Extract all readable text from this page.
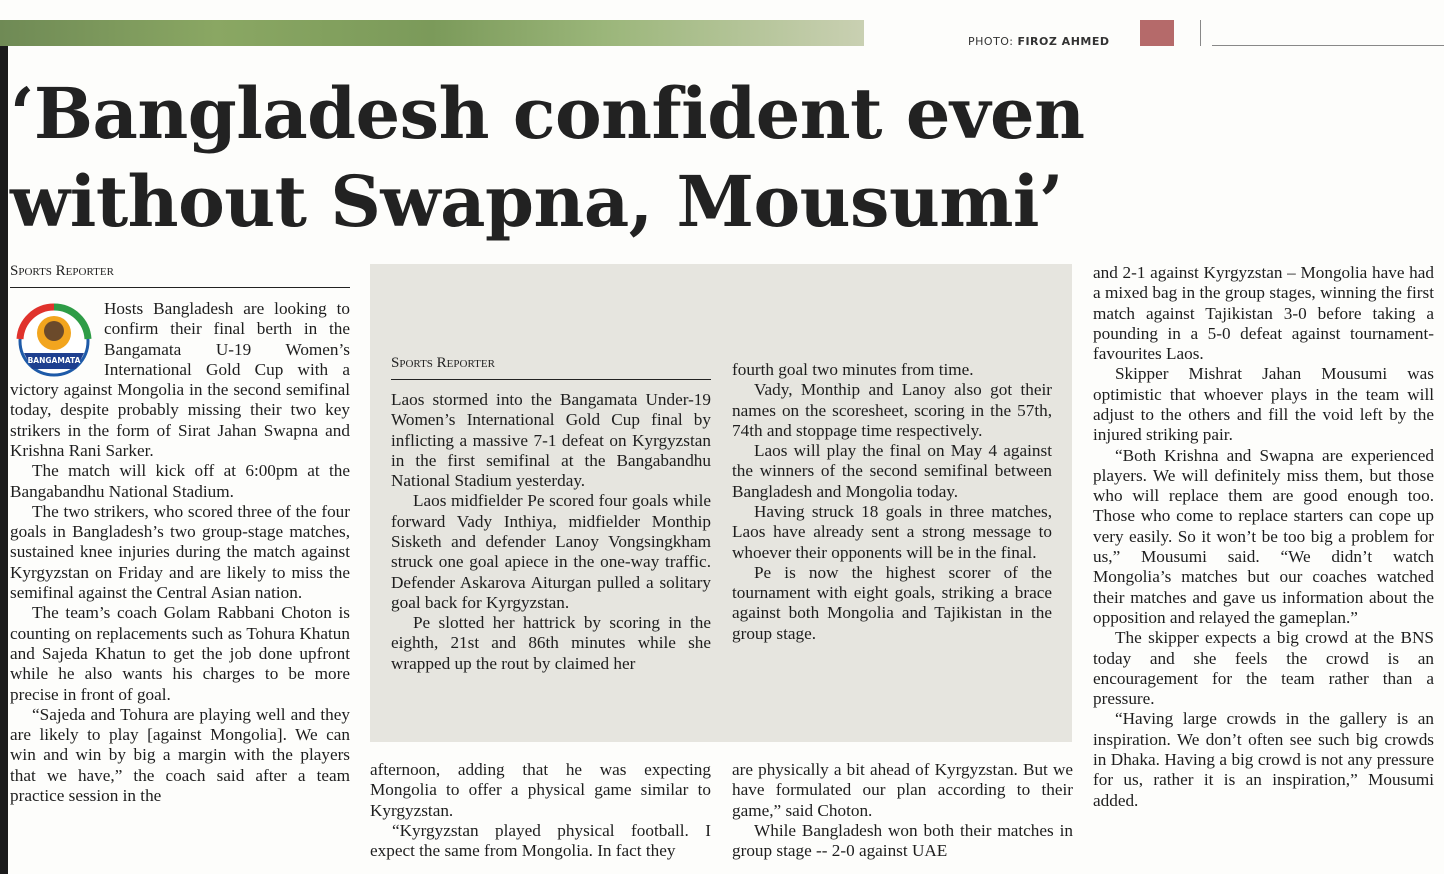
PHOTO: FIROZ AHMED
‘Bangladesh confident even
without Swapna, Mousumi’
Sports Reporter
BANGAMATA

Hosts Bangladesh are looking to confirm their final berth in the Bangamata U-19 Women’s International Gold Cup with a victory against Mongolia in the second semifinal today, despite probably missing their two key strikers in the form of Sirat Jahan Swapna and Krishna Rani Sarker.

The match will kick off at 6:00pm at the Bangabandhu National Stadium.

The two strikers, who scored three of the four goals in Bangladesh’s two group-stage matches, sustained knee injuries during the match against Kyrgyzstan on Friday and are likely to miss the semifinal against the Central Asian nation.

The team’s coach Golam Rabbani Choton is counting on replacements such as Tohura Khatun and Sajeda Khatun to get the job done upfront while he also wants his charges to be more precise in front of goal.

“Sajeda and Tohura are playing well and they are likely to play [against Mongolia]. We can win and win by big a margin with the players that we have,” the coach said after a team practice session in the

Sports Reporter

Laos stormed into the Bangamata Under-19 Women’s International Gold Cup final by inflicting a massive 7-1 defeat on Kyrgyzstan in the first semifinal at the Bangabandhu National Stadium yesterday.

Laos midfielder Pe scored four goals while forward Vady Inthiya, midfielder Monthip Sisketh and defender Lanoy Vongsingkham struck one goal apiece in the one-way traffic. Defender Askarova Aiturgan pulled a solitary goal back for Kyrgyzstan.

Pe slotted her hattrick by scoring in the eighth, 21st and 86th minutes while she wrapped up the rout by claimed her

fourth goal two minutes from time.

Vady, Monthip and Lanoy also got their names on the scoresheet, scoring in the 57th, 74th and stoppage time respectively.

Laos will play the final on May 4 against the winners of the second semifinal between Bangladesh and Mongolia today.

Having struck 18 goals in three matches, Laos have already sent a strong message to whoever their opponents will be in the final.

Pe is now the highest scorer of the tournament with eight goals, striking a brace against both Mongolia and Tajikistan in the group stage.

afternoon, adding that he was expecting Mongolia to offer a physical game similar to Kyrgyzstan.

“Kyrgyzstan played physical football. I expect the same from Mongolia. In fact they

are physically a bit ahead of Kyrgyzstan. But we have formulated our plan according to their game,” said Choton.

While Bangladesh won both their matches in group stage -- 2-0 against UAE

and 2-1 against Kyrgyzstan – Mongolia have had a mixed bag in the group stages, winning the first match against Tajikistan 3-0 before taking a pounding in a 5-0 defeat against tournament-favourites Laos.

Skipper Mishrat Jahan Mousumi was optimistic that whoever plays in the team will adjust to the others and fill the void left by the injured striking pair.

“Both Krishna and Swapna are experienced players. We will definitely miss them, but those who will replace them are good enough too. Those who come to replace starters can cope up very easily. So it won’t be too big a problem for us,” Mousumi said. “We didn’t watch Mongolia’s matches but our coaches watched their matches and gave us information about the opposition and relayed the gameplan.”

The skipper expects a big crowd at the BNS today and she feels the crowd is an encouragement for the team rather than a pressure.

“Having large crowds in the gallery is an inspiration. We don’t often see such big crowds in Dhaka. Having a big crowd is not any pressure for us, rather it is an inspiration,” Mousumi added.
